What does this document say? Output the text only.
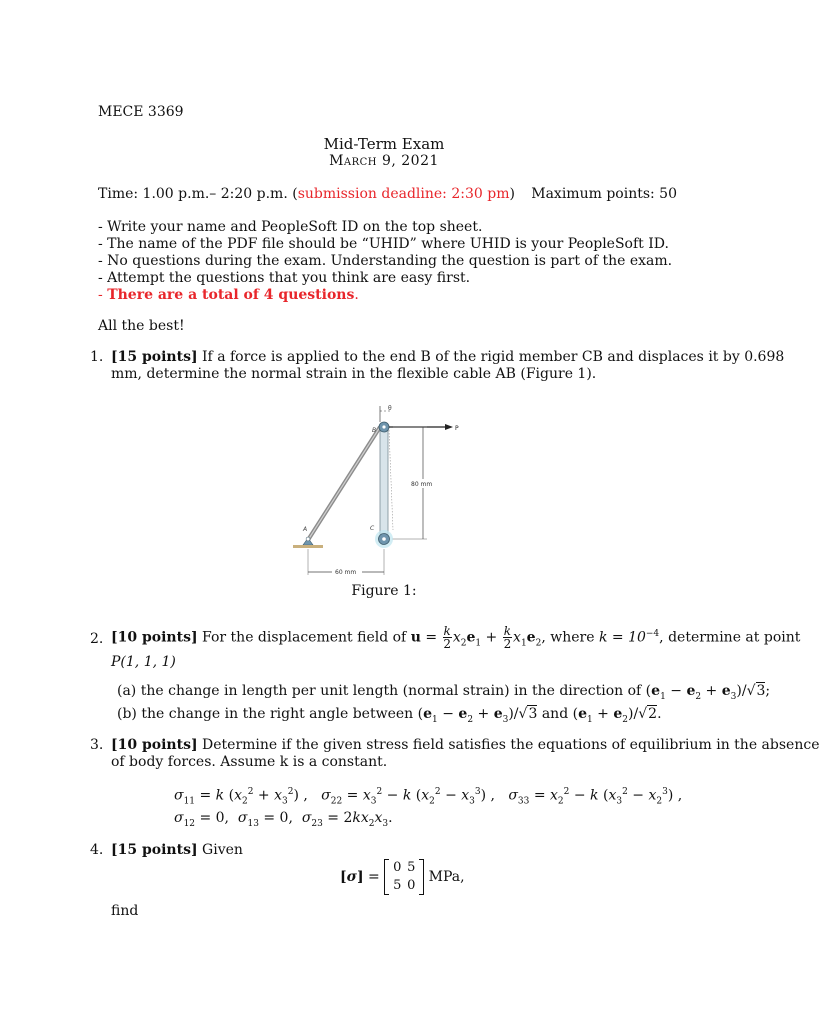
MECE 3369
Mid-Term Exam
March 9, 2021
Time: 1.00 p.m.– 2:20 p.m. (submission deadline: 2:30 pm) Maximum points: 50
- Write your name and PeopleSoft ID on the top sheet.
- The name of the PDF file should be “UHID” where UHID is your PeopleSoft ID.
- No questions during the exam. Understanding the question is part of the exam.
- Attempt the questions that you think are easy first.
- There are a total of 4 questions.
All the best!
1. [15 points] If a force is applied to the end B of the rigid member CB and displaces it by 0.698
mm, determine the normal strain in the flexible cable AB (Figure 1).
θ
P
B
80 mm
C
A
60 mm
Figure 1:
2. [10 points] For the displacement field of $u = \frac{k}{2} x_2e_1 + \frac{k}{2} x_1e_2$, where $k = 10^{-4}$, determine at point
P(1, 1, 1)
(a) the change in length per unit length (normal strain) in the direction of $(e_1 - e_2 + e_3)/√3$;
(b) the change in the right angle between $(e_1 - e_2 + e_3)/√3$ and $(e_1 + e_2)/√2$.
3. [10 points] Determine if the given stress field satisfies the equations of equilibrium in the absence
of body forces. Assume k is a constant.
$\sigma_{11} = k$ $(x_2^2 + x_3^2)$ ,   $\sigma_{22} = x_3^2 - k$ $(x_2^2 - x_3^3)$ ,   $\sigma_{33} = x_2^2 - k$ $(x_3^2 - x_2^3)$ ,
$\sigma_{12} = 0$,  $\sigma_{13} = 0$,  $\sigma_{23} = 2kx_2x_3$.
4. [15 points] Given
[σ] = 0 5
5 0 MPa,
find
